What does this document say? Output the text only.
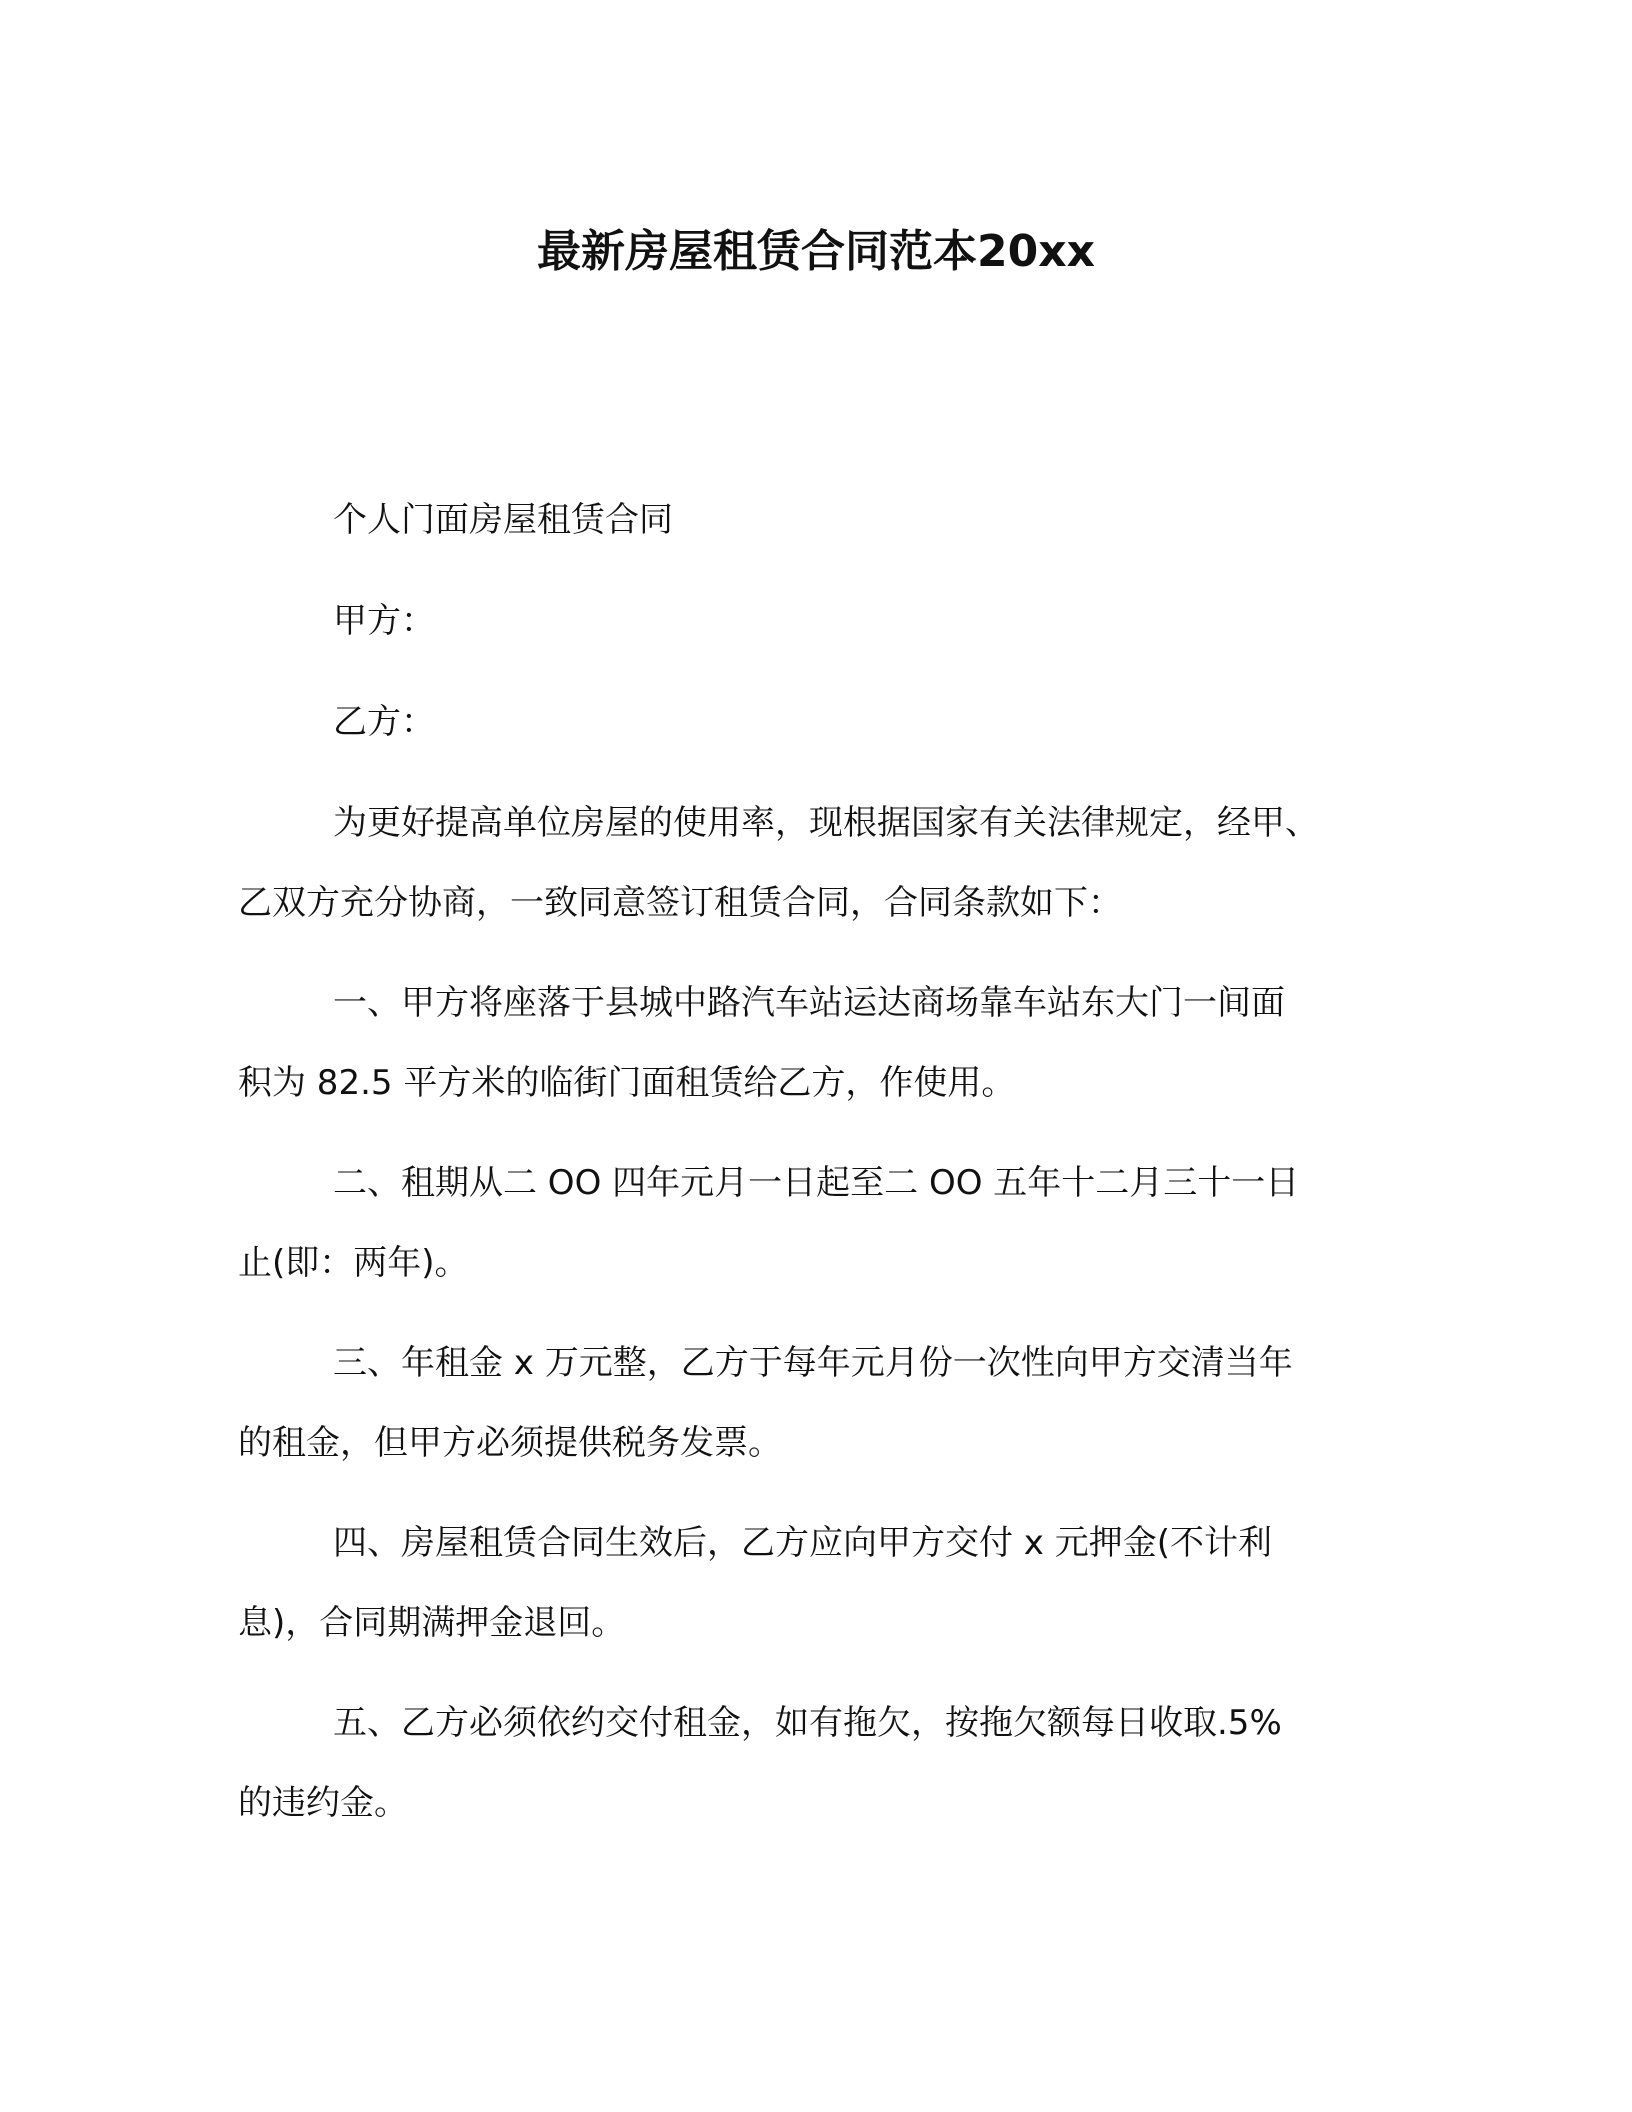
最新房屋租赁合同范本20xx
个人门面房屋租赁合同
甲方：
乙方：
为更好提高单位房屋的使用率，现根据国家有关法律规定，经甲、
乙双方充分协商，一致同意签订租赁合同，合同条款如下：
一、甲方将座落于县城中路汽车站运达商场靠车站东大门一间面
积为 82.5 平方米的临街门面租赁给乙方，作使用。
二、租期从二 OO 四年元月一日起至二 OO 五年十二月三十一日
止(即：两年)。
三、年租金 x 万元整，乙方于每年元月份一次性向甲方交清当年
的租金，但甲方必须提供税务发票。
四、房屋租赁合同生效后，乙方应向甲方交付 x 元押金(不计利
息)，合同期满押金退回。
五、乙方必须依约交付租金，如有拖欠，按拖欠额每日收取.5%
的违约金。
